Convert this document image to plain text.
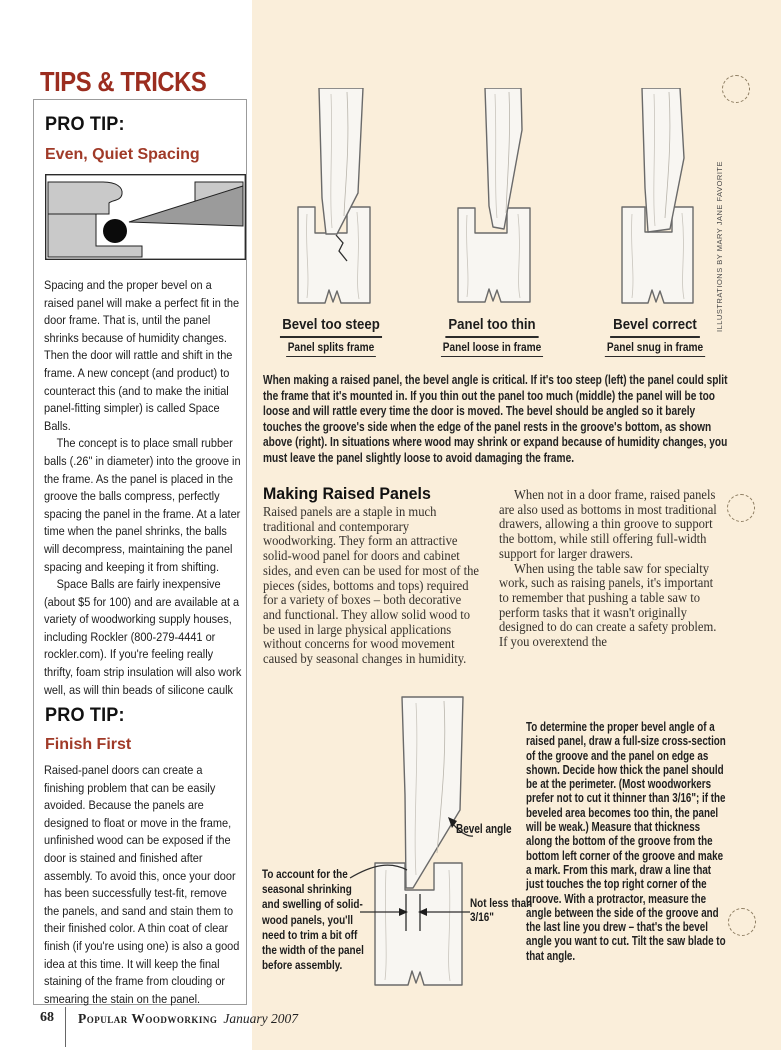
TIPS & TRICKS
PRO TIP:
Even, Quiet Spacing

Spacing and the proper bevel on a raised panel will make a perfect fit in the door frame. That is, until the panel shrinks because of humidity changes. Then the door will rattle and shift in the frame. A new concept (and product) to counteract this (and to make the initial panel-fitting simpler) is called Space Balls.

The concept is to place small rubber balls (.26" in diameter) into the groove in the frame. As the panel is placed in the groove the balls compress, perfectly spacing the panel in the frame. At a later time when the panel shrinks, the balls will decompress, maintaining the panel spacing and keeping it from shifting.

Space Balls are fairly inexpensive (about $5 for 100) and are available at a variety of woodworking supply houses, including Rockler (800-279-4441 or rockler.com). If you're feeling really thrifty, foam strip insulation will also work well, as will thin beads of silicone caulk

PRO TIP:
Finish First

Raised-panel doors can create a finishing problem that can be easily avoided. Because the panels are designed to float or move in the frame, unfinished wood can be exposed if the door is stained and finished after assembly. To avoid this, once your door has been successfully test-fit, remove the panels, and sand and stain them to their finished color. A thin coat of clear finish (if you're using one) is also a good idea at this time. It will keep the final staining of the frame from clouding or smearing the stain on the panel.

68 Popular Woodworking January 2007
Bevel too steep
Panel splits frame
Panel too thin
Panel loose in frame
Bevel correct
Panel snug in frame
When making a raised panel, the bevel angle is critical. If it's too steep (left) the panel could split the frame that it's mounted in. If you thin out the panel too much (middle) the panel will be too loose and will rattle every time the door is moved. The bevel should be angled so it barely touches the groove's side when the edge of the panel rests in the groove's bottom, as shown above (right). In situations where wood may shrink or expand because of humidity changes, you must leave the panel slightly loose to avoid damaging the frame.
Making Raised Panels

Raised panels are a staple in much traditional and contemporary woodworking. They form an attractive solid-wood panel for doors and cabinet sides, and even can be used for most of the pieces (sides, bottoms and tops) required for a variety of boxes – both decorative and functional. They allow solid wood to be used in large physical applications without concerns for wood movement caused by seasonal changes in humidity.

When not in a door frame, raised panels are also used as bottoms in most traditional drawers, allowing a thin groove to support the bottom, while still offering full-width support for larger drawers.

When using the table saw for specialty work, such as raising panels, it's important to remember that pushing a table saw to perform tasks that it wasn't originally designed to do can create a safety problem. If you overextend the

Bevel angle
To account for the seasonal shrinking and swelling of solid-wood panels, you'll need to trim a bit off the width of the panel before assembly.
Not less than 3/16"
To determine the proper bevel angle of a raised panel, draw a full-size cross-section of the groove and the panel on edge as shown. Decide how thick the panel should be at the perimeter. (Most woodworkers prefer not to cut it thinner than 3/16"; if the beveled area becomes too thin, the panel will be weak.) Measure that thickness along the bottom of the groove from the bottom left corner of the groove and make a mark. From this mark, draw a line that just touches the top right corner of the groove. With a protractor, measure the angle between the side of the groove and the last line you drew – that's the bevel angle you want to cut. Tilt the saw blade to that angle.
ILLUSTRATIONS BY MARY JANE FAVORITE
